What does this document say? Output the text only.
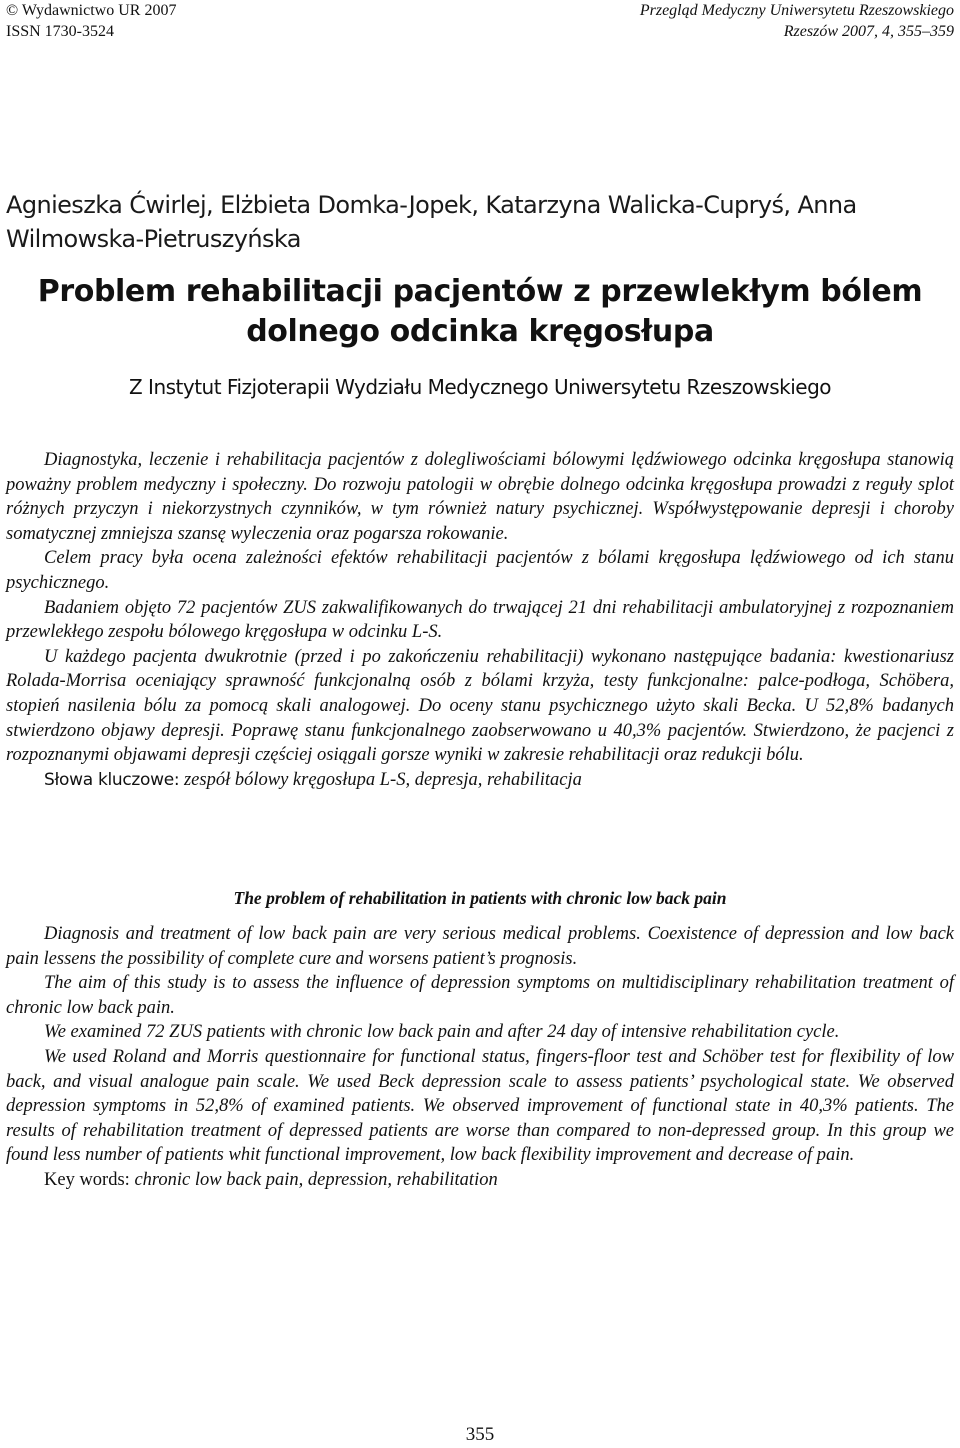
© Wydawnictwo UR 2007	Przegląd Medyczny Uniwersytetu Rzeszowskiego
ISSN 1730-3524	Rzeszów 2007, 4, 355–359
Agnieszka Ćwirlej, Elżbieta Domka-Jopek, Katarzyna Walicka-Cupryś, Anna
Wilmowska-Pietruszyńska
Problem rehabilitacji pacjentów z przewlekłym bólem
dolnego odcinka kręgosłupa
Z Instytut Fizjoterapii Wydziału Medycznego Uniwersytetu Rzeszowskiego

Diagnostyka, leczenie i rehabilitacja pacjentów z dolegliwościami bólowymi lędźwiowego odcinka kręgosłupa stanowią poważny problem medyczny i społeczny. Do rozwoju patologii w obrębie dolnego odcinka kręgosłupa prowadzi z reguły splot różnych przyczyn i niekorzystnych czynników, w tym również natury psychicznej. Współwystępowanie depresji i choroby somatycznej zmniejsza szansę wyleczenia oraz pogarsza rokowanie.

Celem pracy była ocena zależności efektów rehabilitacji pacjentów z bólami kręgosłupa lędźwiowego od ich stanu psychicznego.

Badaniem objęto 72 pacjentów ZUS zakwalifikowanych do trwającej 21 dni rehabilitacji ambulatoryjnej z rozpoznaniem przewlekłego zespołu bólowego kręgosłupa w odcinku L-S.

U każdego pacjenta dwukrotnie (przed i po zakończeniu rehabilitacji) wykonano następujące badania: kwestionariusz Rolada-Morrisa oceniający sprawność funkcjonalną osób z bólami krzyża, testy funkcjonalne: palce-podłoga, Schöbera, stopień nasilenia bólu za pomocą skali analogowej. Do oceny stanu psychicznego użyto skali Becka. U 52,8% badanych stwierdzono objawy depresji. Poprawę stanu funkcjonalnego zaobserwowano u 40,3% pacjentów. Stwierdzono, że pacjenci z rozpoznanymi objawami depresji częściej osiągali gorsze wyniki w zakresie rehabilitacji oraz redukcji bólu.

Słowa kluczowe: zespół bólowy kręgosłupa L-S, depresja, rehabilitacja

The problem of rehabilitation in patients with chronic low back pain

Diagnosis and treatment of low back pain are very serious medical problems. Coexistence of depression and low back pain lessens the possibility of complete cure and worsens patient’s prognosis.

The aim of this study is to assess the influence of depression symptoms on multidisciplinary rehabilitation treatment of chronic low back pain.

We examined 72 ZUS patients with chronic low back pain and after 24 day of intensive rehabilitation cycle.

We used Roland and Morris questionnaire for functional status, fingers-floor test and Schöber test for flexibility of low back, and visual analogue pain scale. We used Beck depression scale to assess patients’ psychological state. We observed depression symptoms in 52,8% of examined patients. We observed improvement of functional state in 40,3% patients. The results of rehabilitation treatment of depressed patients are worse than compared to non-depressed group. In this group we found less number of patients whit functional improvement, low back flexibility improvement and decrease of pain.

Key words: chronic low back pain, depression, rehabilitation

355
